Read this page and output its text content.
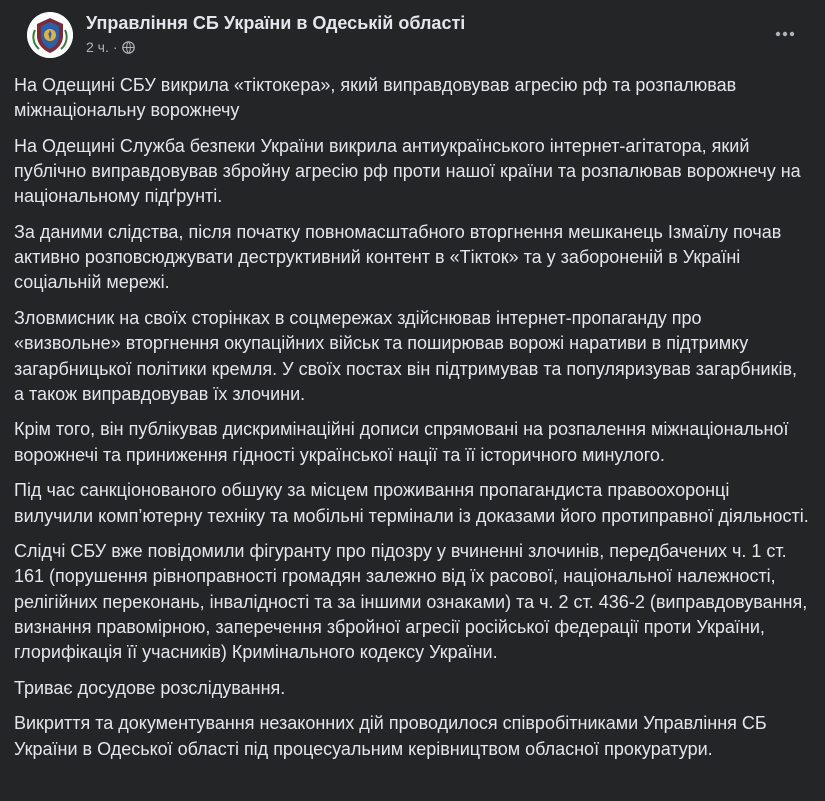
Управління СБ України в Одеській області
2 ч. ·

На Одещині СБУ викрила «тіктокера», який виправдовував агресію рф та розпалював міжнаціональну ворожнечу

На Одещині Служба безпеки України викрила антиукраїнського інтернет-агітатора, який публічно виправдовував збройну агресію рф проти нашої країни та розпалював ворожнечу на національному підґрунті.

За даними слідства, після початку повномасштабного вторгнення мешканець Ізмаїлу почав активно розповсюджувати деструктивний контент в «Тікток» та у забороненій в Україні соціальній мережі.

Зловмисник на своїх сторінках в соцмережах здійснював інтернет-пропаганду про «визвольне» вторгнення окупаційних військ та поширював ворожі наративи в підтримку загарбницької політики кремля. У своїх постах він підтримував та популяризував загарбників, а також виправдовував їх злочини.

Крім того, він публікував дискримінаційні дописи спрямовані на розпалення міжнаціональної ворожнечі та приниження гідності української нації та її історичного минулого.

Під час санкціонованого обшуку за місцем проживання пропагандиста правоохоронці вилучили комп’ютерну техніку та мобільні термінали із доказами його протиправної діяльності.

Слідчі СБУ вже повідомили фігуранту про підозру у вчиненні злочинів, передбачених ч. 1 ст. 161 (порушення рівноправності громадян залежно від їх расової, національної належності, релігійних переконань, інвалідності та за іншими ознаками) та ч. 2 ст. 436-2 (виправдовування, визнання правомірною, заперечення збройної агресії російської федерації проти України, глорифікація її учасників) Кримінального кодексу України.

Триває досудове розслідування.

Викриття та документування незаконних дій проводилося співробітниками Управління СБ України в Одеської області під процесуальним керівництвом обласної прокуратури.
